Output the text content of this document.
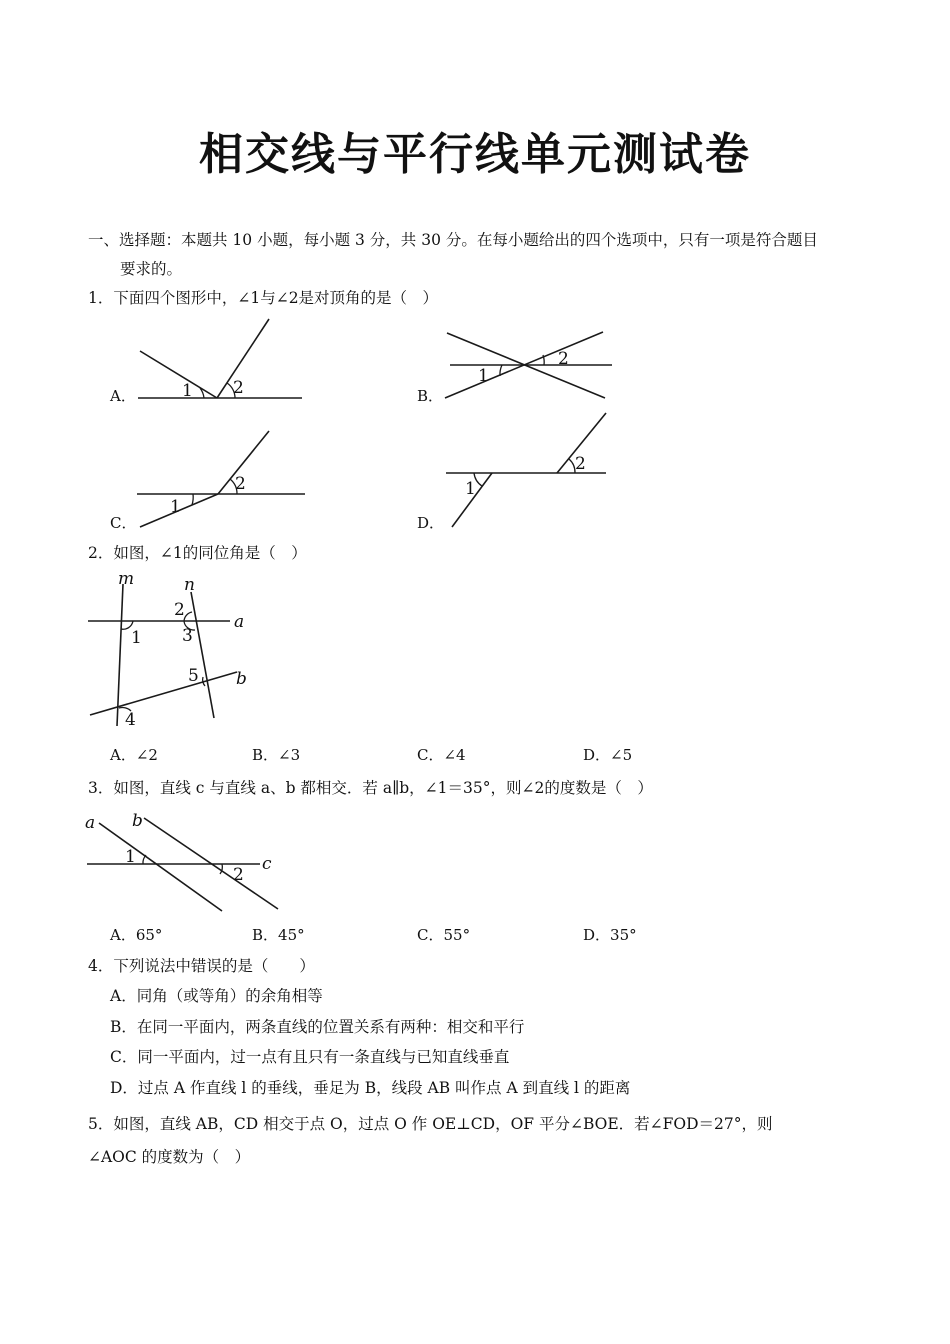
相交线与平行线单元测试卷
一、选择题：本题共 10 小题，每小题 3 分，共 30 分。在每小题给出的四个选项中，只有一项是符合题目
要求的。
1．下面四个图形中，∠1与∠2是对顶角的是（　）
A．	1 2	B．
1
2
C．
1
2
D．
1
2
2．如图，∠1的同位角是（　）
m	n
a
b
1
2
3
4
5
A．∠2	B．∠3	C．∠4	D．∠5
3．如图，直线 c 与直线 a、b 都相交．若 a∥b，∠1＝35°，则∠2的度数是（　）
a b
c
1
2
A．65°	B．45°	C．55°	D．35°
4．下列说法中错误的是（　　）
A．同角（或等角）的余角相等
B．在同一平面内，两条直线的位置关系有两种：相交和平行
C．同一平面内，过一点有且只有一条直线与已知直线垂直
D．过点 A 作直线 l 的垂线，垂足为 B，线段 AB 叫作点 A 到直线 l 的距离
5．如图，直线 AB，CD 相交于点 O，过点 O 作 OE⊥CD，OF 平分∠BOE．若∠FOD＝27°，则
∠AOC 的度数为（　）
